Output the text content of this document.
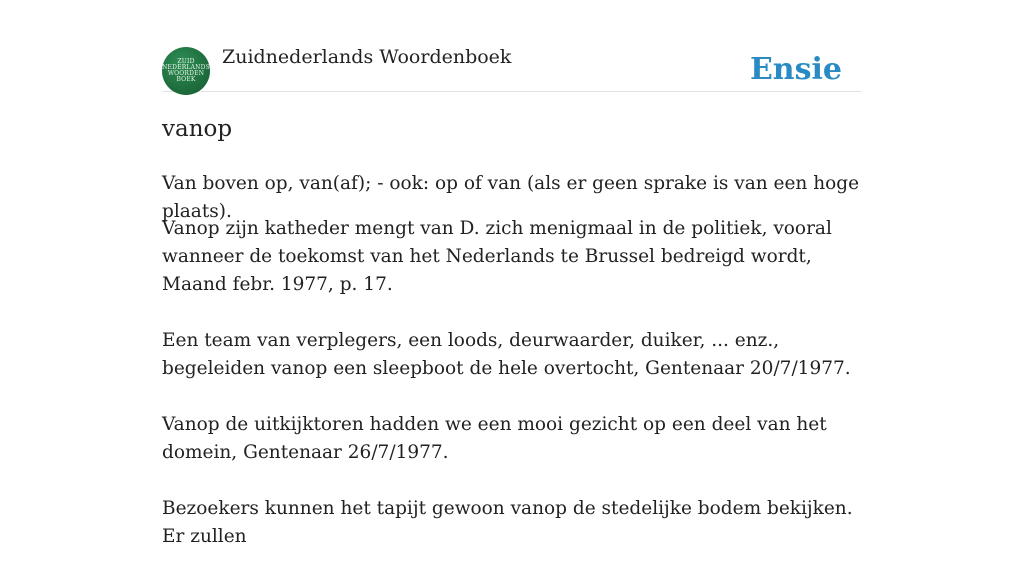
ZUID
NEDERLANDS
WOORDEN
BOEK
Zuidnederlands Woordenboek	Ensie
vanop

Van boven op, van(af); - ook: op of van (als er geen sprake is van een hoge plaats).

Vanop zijn katheder mengt van D. zich menigmaal in de politiek, vooral wanneer de toekomst van het Nederlands te Brussel bedreigd wordt, Maand febr. 1977, p. 17.

Een team van verplegers, een loods, deurwaarder, duiker, ... enz., begeleiden vanop een sleepboot de hele overtocht, Gentenaar 20/7/1977.

Vanop de uitkijktoren hadden we een mooi gezicht op een deel van het domein, Gentenaar 26/7/1977.

Bezoekers kunnen het tapijt gewoon vanop de stedelijke bodem bekijken. Er zullen
